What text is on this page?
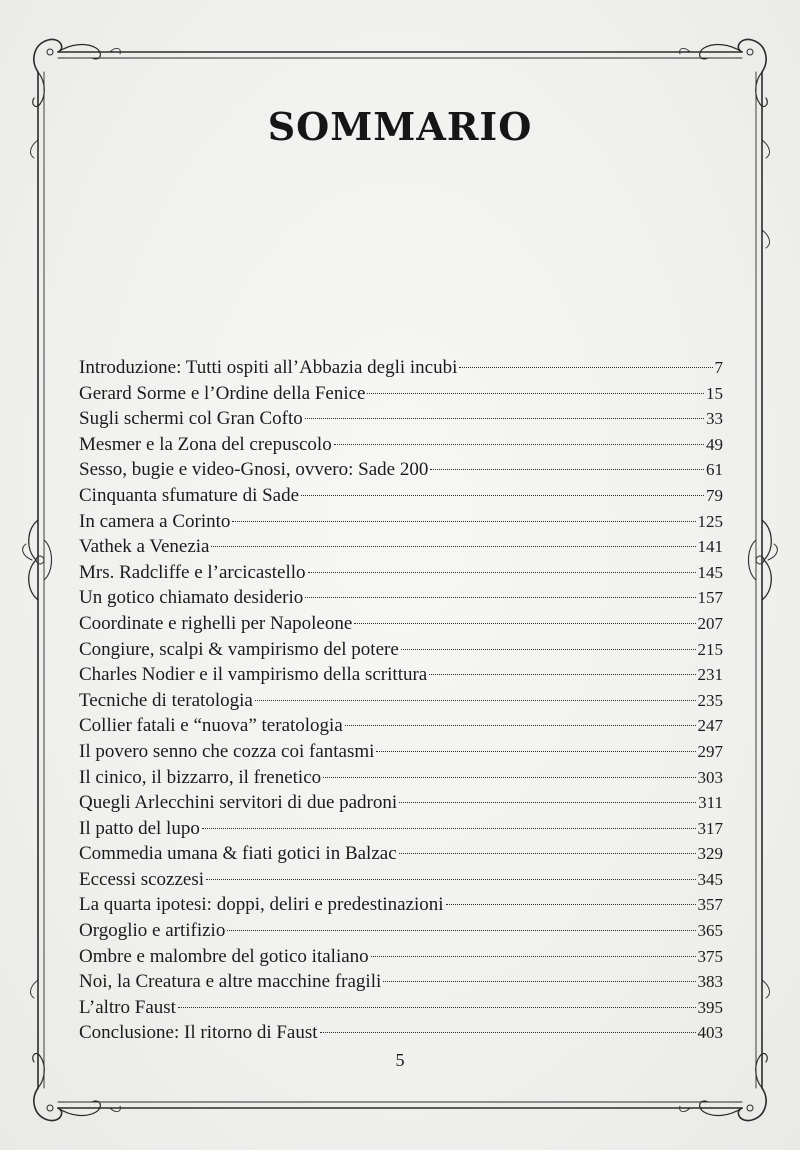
SOMMARIO
Introduzione: Tutti ospiti all’Abbazia degli incubi	7
Gerard Sorme e l’Ordine della Fenice	15
Sugli schermi col Gran Cofto	33
Mesmer e la Zona del crepuscolo	49
Sesso, bugie e video-Gnosi, ovvero: Sade 200	61
Cinquanta sfumature di Sade	79
In camera a Corinto	125
Vathek a Venezia	141
Mrs. Radcliffe e l’arcicastello	145
Un gotico chiamato desiderio	157
Coordinate e righelli per Napoleone	207
Congiure, scalpi & vampirismo del potere	215
Charles Nodier e il vampirismo della scrittura	231
Tecniche di teratologia	235
Collier fatali e “nuova” teratologia	247
Il povero senno che cozza coi fantasmi	297
Il cinico, il bizzarro, il frenetico	303
Quegli Arlecchini servitori di due padroni	311
Il patto del lupo	317
Commedia umana & fiati gotici in Balzac	329
Eccessi scozzesi	345
La quarta ipotesi: doppi, deliri e predestinazioni	357
Orgoglio e artifizio	365
Ombre e malombre del gotico italiano	375
Noi, la Creatura e altre macchine fragili	383
L’altro Faust	395
Conclusione: Il ritorno di Faust	403
5
